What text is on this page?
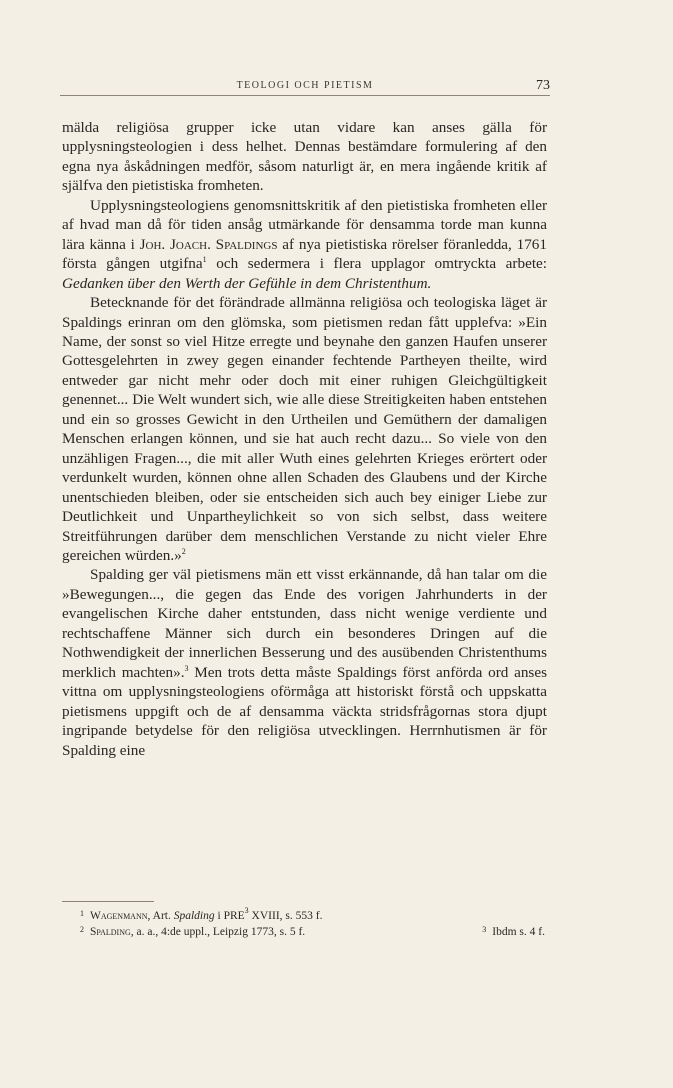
TEOLOGI OCH PIETISM	73

mälda religiösa grupper icke utan vidare kan anses gälla för upplysningsteologien i dess helhet. Dennas bestämdare formulering af den egna nya åskådningen medför, såsom naturligt är, en mera ingående kritik af själfva den pietistiska fromheten.

Upplysningsteologiens genomsnittskritik af den pietistiska fromheten eller af hvad man då för tiden ansåg utmärkande för densamma torde man kunna lära känna i Joh. Joach. Spaldings af nya pietistiska rörelser föranledda, 1761 första gången utgifna$^1$ och sedermera i flera upplagor omtryckta arbete: Gedanken über den Werth der Gefühle in dem Christenthum.

Betecknande för det förändrade allmänna religiösa och teologiska läget är Spaldings erinran om den glömska, som pietismen redan fått upplefva: »Ein Name, der sonst so viel Hitze erregte und beynahe den ganzen Haufen unserer Gottesgelehrten in zwey gegen einander fechtende Partheyen theilte, wird entweder gar nicht mehr oder doch mit einer ruhigen Gleichgültigkeit genennet... Die Welt wundert sich, wie alle diese Streitigkeiten haben entstehen und ein so grosses Gewicht in den Urtheilen und Gemüthern der damaligen Menschen erlangen können, und sie hat auch recht dazu... So viele von den unzähligen Fragen..., die mit aller Wuth eines gelehrten Krieges erörtert oder verdunkelt wurden, können ohne allen Schaden des Glaubens und der Kirche unentschieden bleiben, oder sie entscheiden sich auch bey einiger Liebe zur Deutlichkeit und Unpartheylichkeit so von sich selbst, dass weitere Streitführungen darüber dem menschlichen Verstande zu nicht vieler Ehre gereichen würden.»$^2$

Spalding ger väl pietismens män ett visst erkännande, då han talar om die »Bewegungen..., die gegen das Ende des vorigen Jahrhunderts in der evangelischen Kirche daher entstunden, dass nicht wenige verdiente und rechtschaffene Männer sich durch ein besonderes Dringen auf die Nothwendigkeit der innerlichen Besserung und des ausübenden Christenthums merklich machten».$^3$ Men trots detta måste Spaldings först anförda ord anses vittna om upplysningsteologiens oförmåga att historiskt förstå och uppskatta pietismens uppgift och de af densamma väckta stridsfrågornas stora djupt ingripande betydelse för den religiösa utvecklingen. Herrnhutismen är för Spalding eine

$^1$ Wagenmann, Art. Spalding i PRE$^3$ XVIII, s. 553 f.
$^2$ Spalding, a. a., 4:de uppl., Leipzig 1773, s. 5 f.	$^3$ Ibdm s. 4 f.
